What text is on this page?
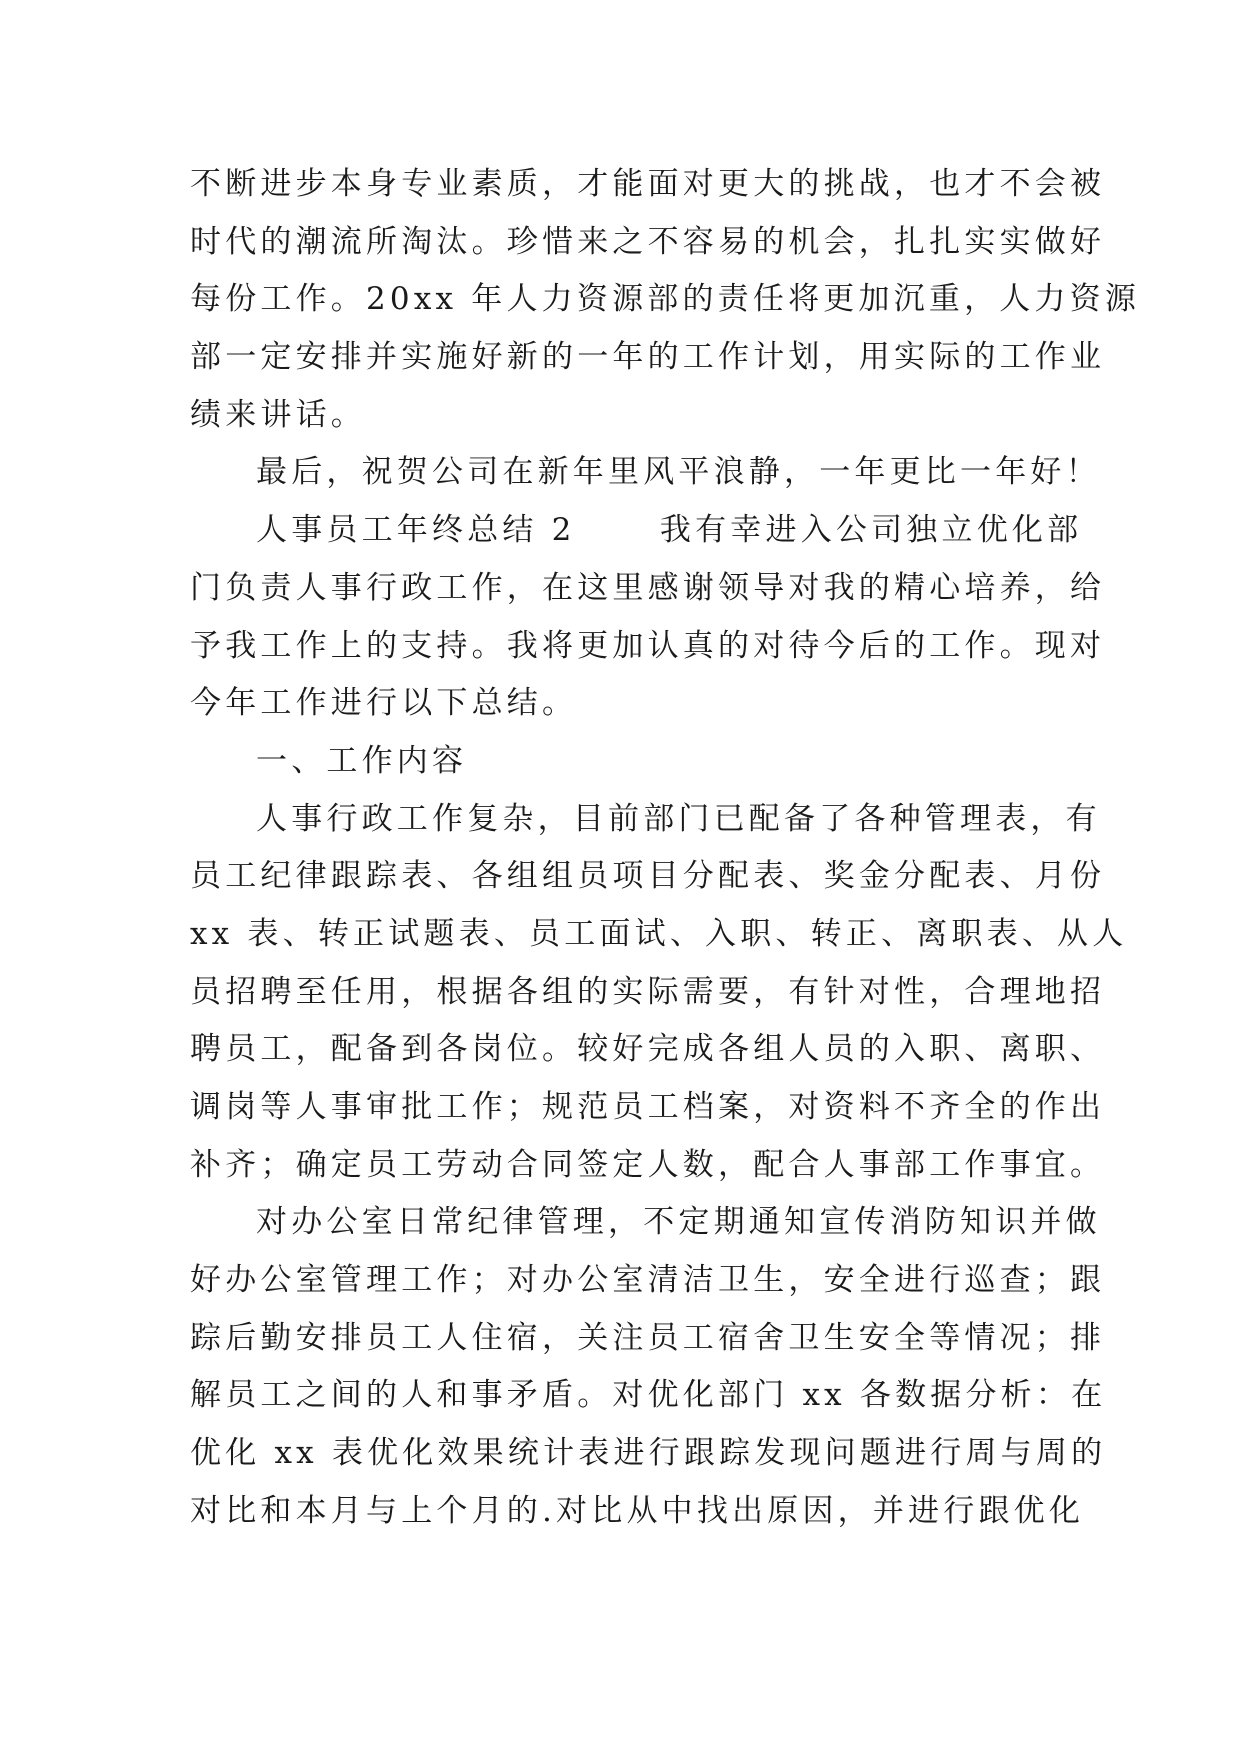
不断进步本身专业素质，才能面对更大的挑战，也才不会被
时代的潮流所淘汰。珍惜来之不容易的机会，扎扎实实做好
每份工作。20xx 年人力资源部的责任将更加沉重，人力资源
部一定安排并实施好新的一年的工作计划，用实际的工作业
绩来讲话。
最后，祝贺公司在新年里风平浪静，一年更比一年好！
人事员工年终总结 2      我有幸进入公司独立优化部
门负责人事行政工作，在这里感谢领导对我的精心培养，给
予我工作上的支持。我将更加认真的对待今后的工作。现对
今年工作进行以下总结。
一、工作内容
人事行政工作复杂，目前部门已配备了各种管理表，有
员工纪律跟踪表、各组组员项目分配表、奖金分配表、月份
xx 表、转正试题表、员工面试、入职、转正、离职表、从人
员招聘至任用，根据各组的实际需要，有针对性，合理地招
聘员工，配备到各岗位。较好完成各组人员的入职、离职、
调岗等人事审批工作；规范员工档案，对资料不齐全的作出
补齐；确定员工劳动合同签定人数，配合人事部工作事宜。
对办公室日常纪律管理，不定期通知宣传消防知识并做
好办公室管理工作；对办公室清洁卫生，安全进行巡查；跟
踪后勤安排员工人住宿，关注员工宿舍卫生安全等情况；排
解员工之间的人和事矛盾。对优化部门 xx 各数据分析：在
优化 xx 表优化效果统计表进行跟踪发现问题进行周与周的
对比和本月与上个月的.对比从中找出原因，并进行跟优化
